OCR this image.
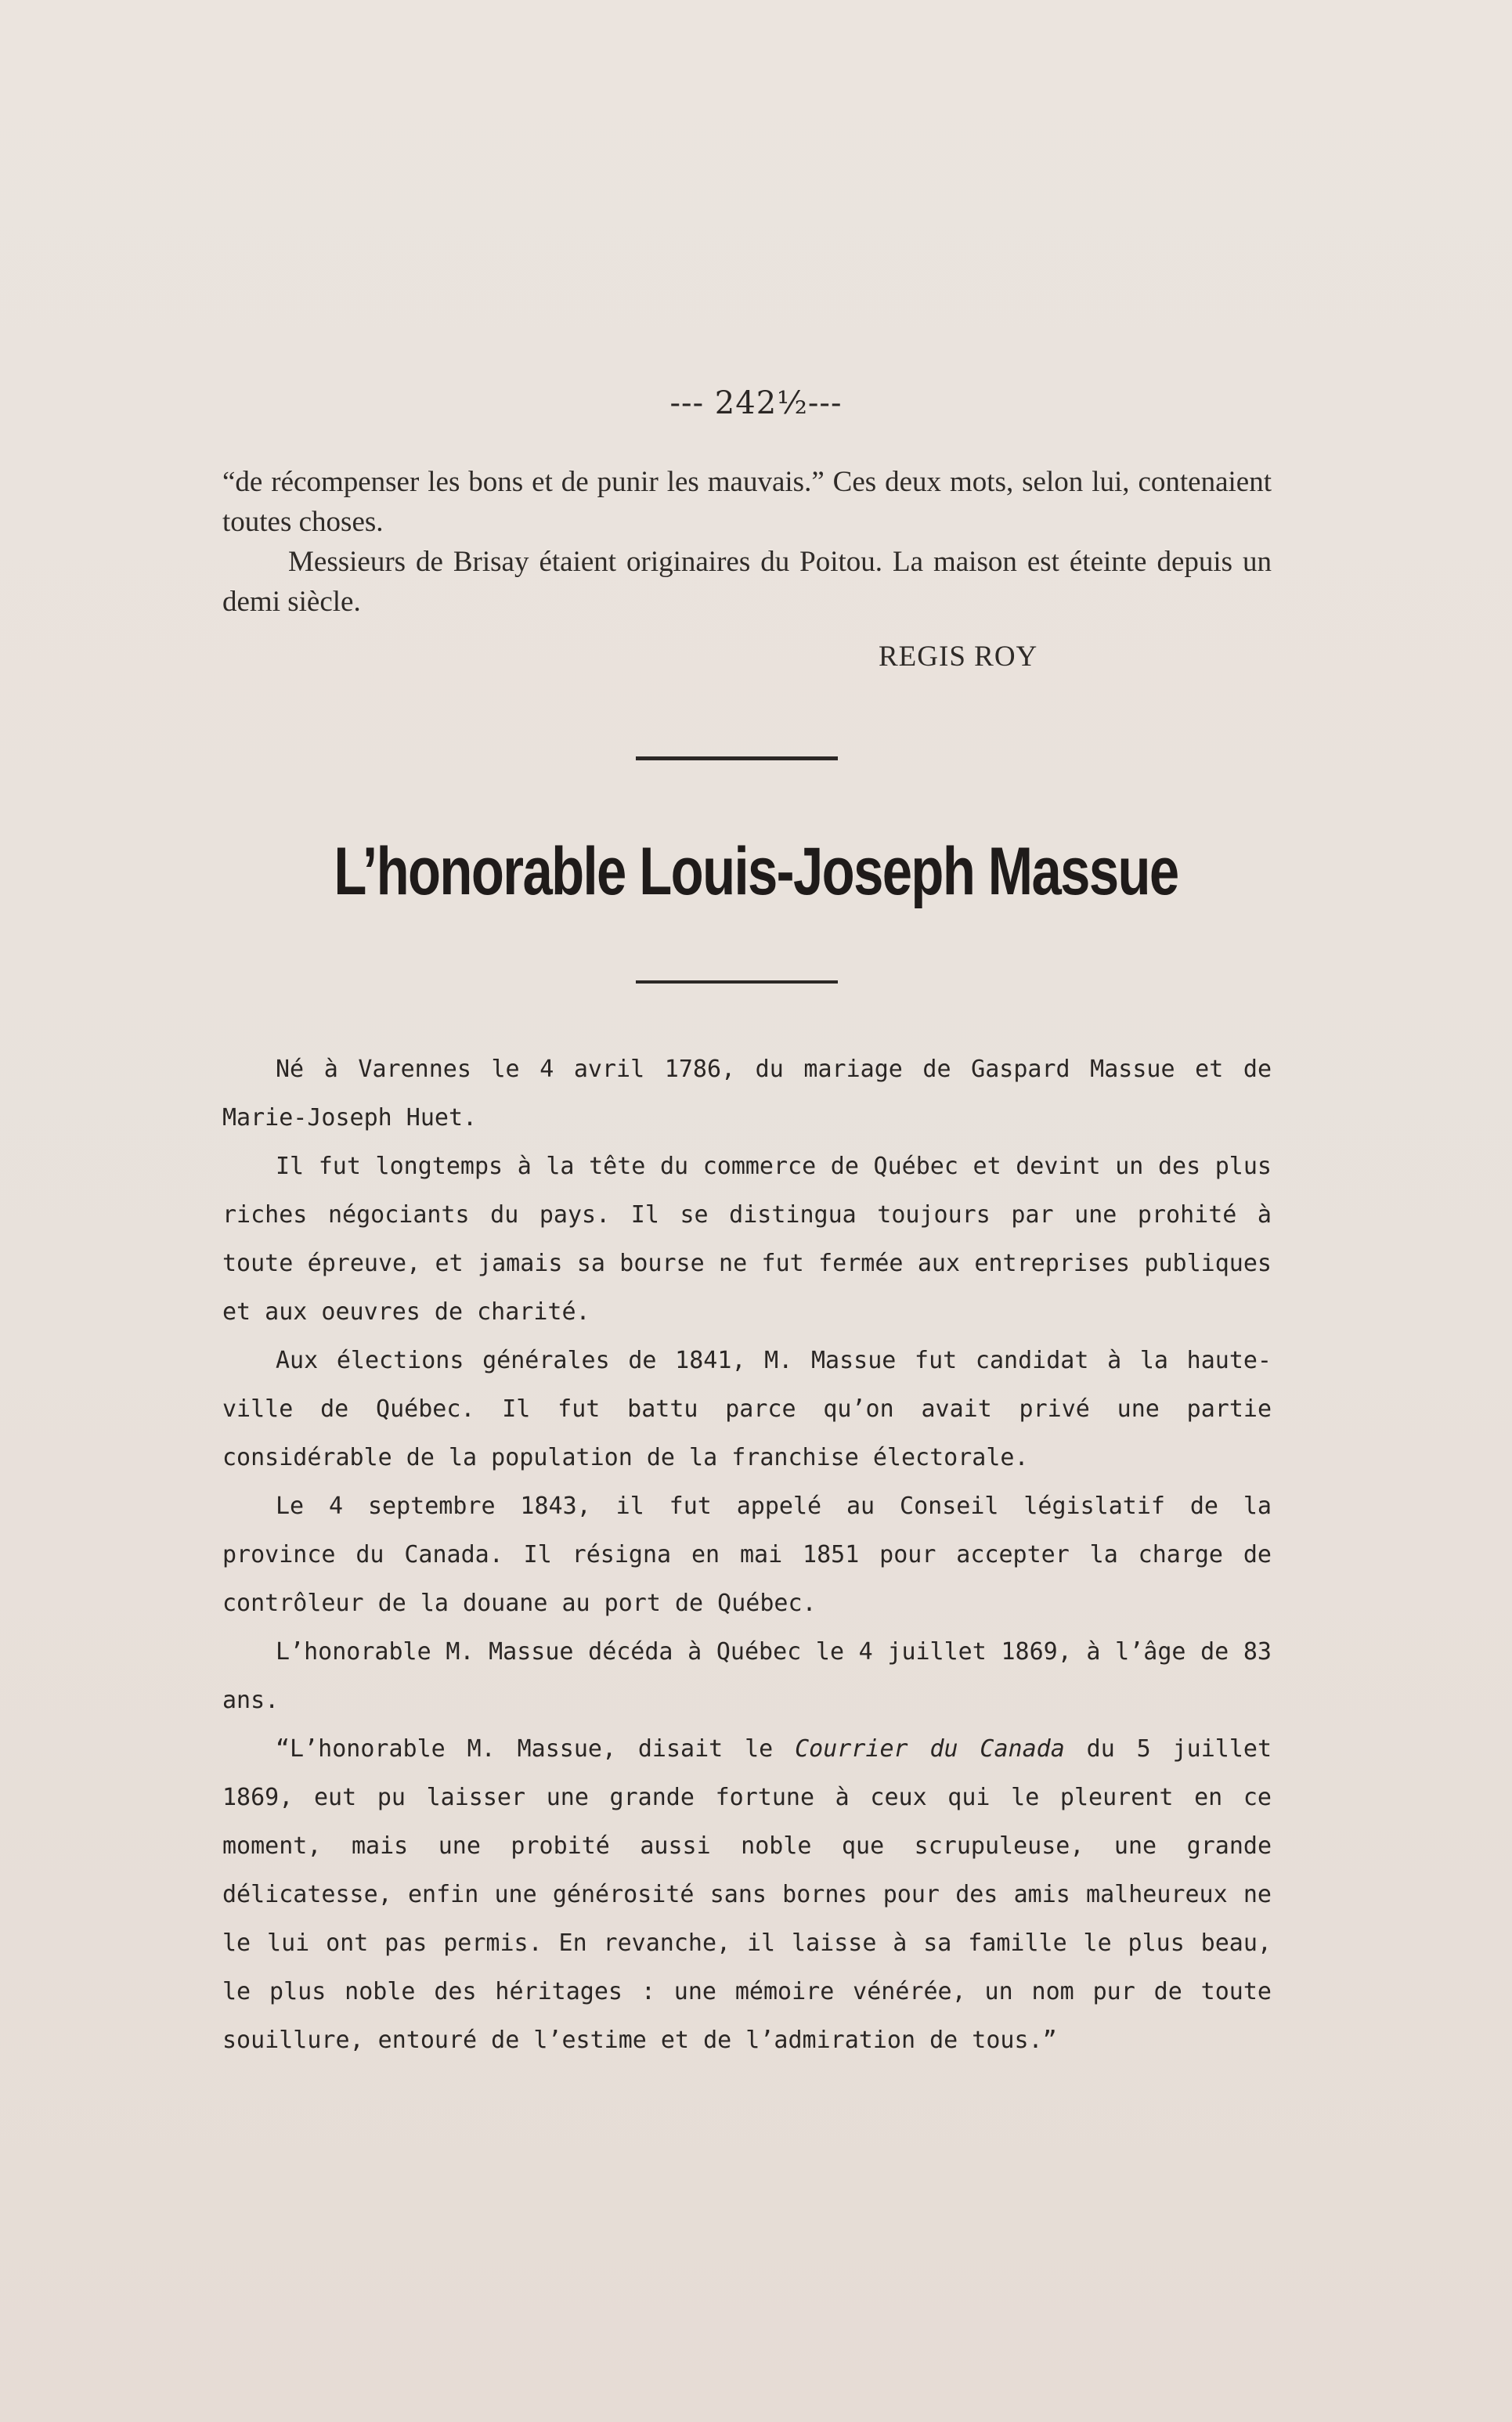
--- 242½---

“de récompenser les bons et de punir les mauvais.” Ces deux mots, selon lui, contenaient toutes choses.

Messieurs de Brisay étaient originaires du Poitou. La maison est éteinte depuis un demi siècle.

REGIS ROY
L’honorable Louis-Joseph Massue

Né à Varennes le 4 avril 1786, du mariage de Gaspard Massue et de Marie-Joseph Huet.

Il fut longtemps à la tête du commerce de Québec et devint un des plus riches négociants du pays. Il se distingua toujours par une prohité à toute épreuve, et jamais sa bourse ne fut fermée aux entreprises publiques et aux oeuvres de charité.

Aux élections générales de 1841, M. Massue fut candidat à la haute-ville de Québec. Il fut battu parce qu’on avait privé une partie considérable de la population de la franchise électorale.

Le 4 septembre 1843, il fut appelé au Conseil législatif de la province du Canada. Il résigna en mai 1851 pour accepter la charge de contrôleur de la douane au port de Québec.

L’honorable M. Massue décéda à Québec le 4 juillet 1869, à l’âge de 83 ans.

“L’honorable M. Massue, disait le Courrier du Canada du 5 juillet 1869, eut pu laisser une grande fortune à ceux qui le pleurent en ce moment, mais une probité aussi noble que scrupuleuse, une grande délicatesse, enfin une générosité sans bornes pour des amis malheureux ne le lui ont pas permis. En revanche, il laisse à sa famille le plus beau, le plus noble des héritages : une mémoire vénérée, un nom pur de toute souillure, entouré de l’estime et de l’admiration de tous.”
